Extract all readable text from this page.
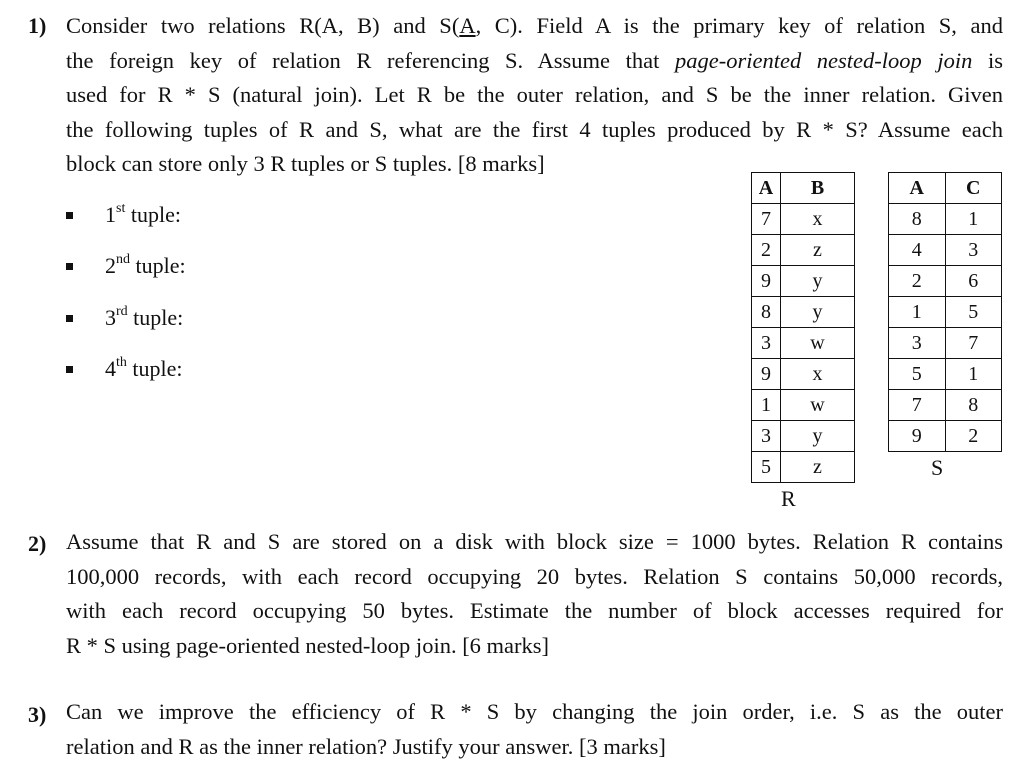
1) Consider two relations R(A, B) and S(A, C). Field A is the primary key of relation S, and
the foreign key of relation R referencing S. Assume that page-oriented nested-loop join is
used for R * S (natural join). Let R be the outer relation, and S be the inner relation. Given
the following tuples of R and S, what are the first 4 tuples produced by R * S? Assume each
block can store only 3 R tuples or S tuples. [8 marks]
1st tuple:
2nd tuple:
3rd tuple:
4th tuple:
A	B
7	x
2	z
9	y
8	y
3	w
9	x
1	w
3	y
5	z
R
A	C
8	1
4	3
2	6
1	5
3	7
5	1
7	8
9	2
S
2) Assume that R and S are stored on a disk with block size = 1000 bytes. Relation R contains
100,000 records, with each record occupying 20 bytes. Relation S contains 50,000 records,
with each record occupying 50 bytes. Estimate the number of block accesses required for
R * S using page-oriented nested-loop join. [6 marks]
3) Can we improve the efficiency of R * S by changing the join order, i.e. S as the outer
relation and R as the inner relation? Justify your answer. [3 marks]
